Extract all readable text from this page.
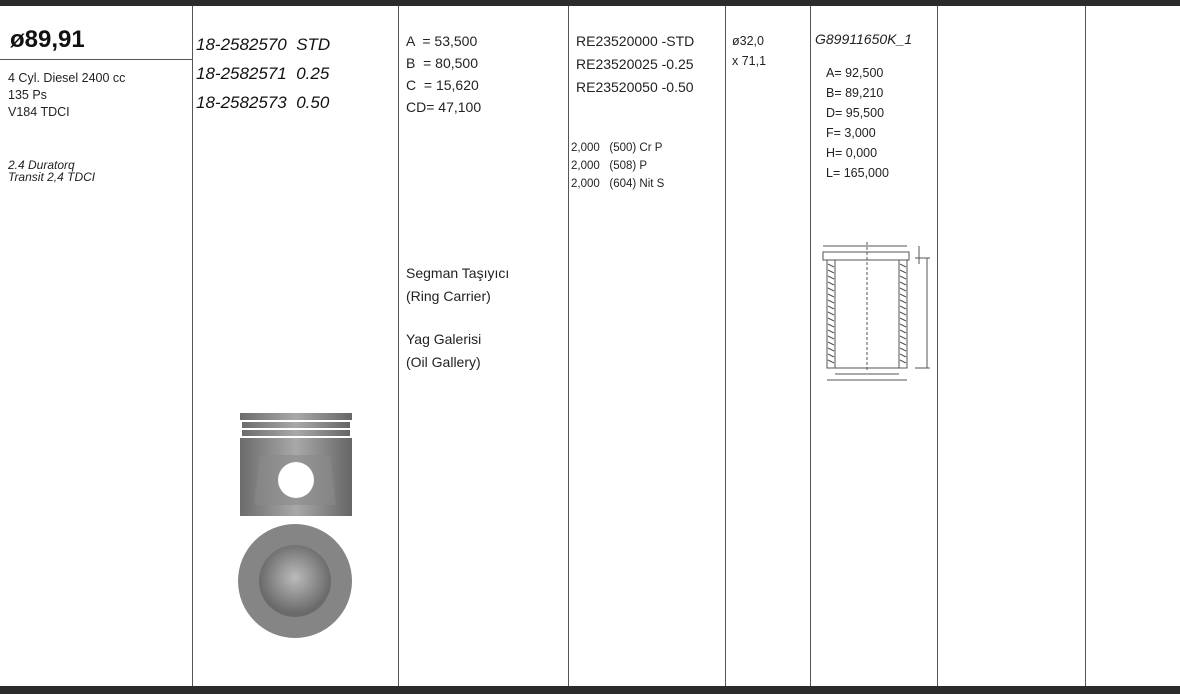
ø89,91
4 Cyl. Diesel 2400 cc
135 Ps
V184 TDCI
2.4 Duratorq
Transit 2,4 TDCI
18-2582570  STD
18-2582571  0.25
18-2582573  0.50
A  = 53,500
B  = 80,500
C  = 15,620
CD= 47,100
Segman Taşıyıcı
(Ring Carrier)
Yag Galerisi
(Oil Gallery)
RE23520000 -STD
RE23520025 -0.25
RE23520050 -0.50
2,000   (500) Cr P
2,000   (508) P
2,000   (604) Nit S
ø32,0
x 71,1
G89911650K_1
A= 92,500
B= 89,210
D= 95,500
F= 3,000
H= 0,000
L= 165,000
